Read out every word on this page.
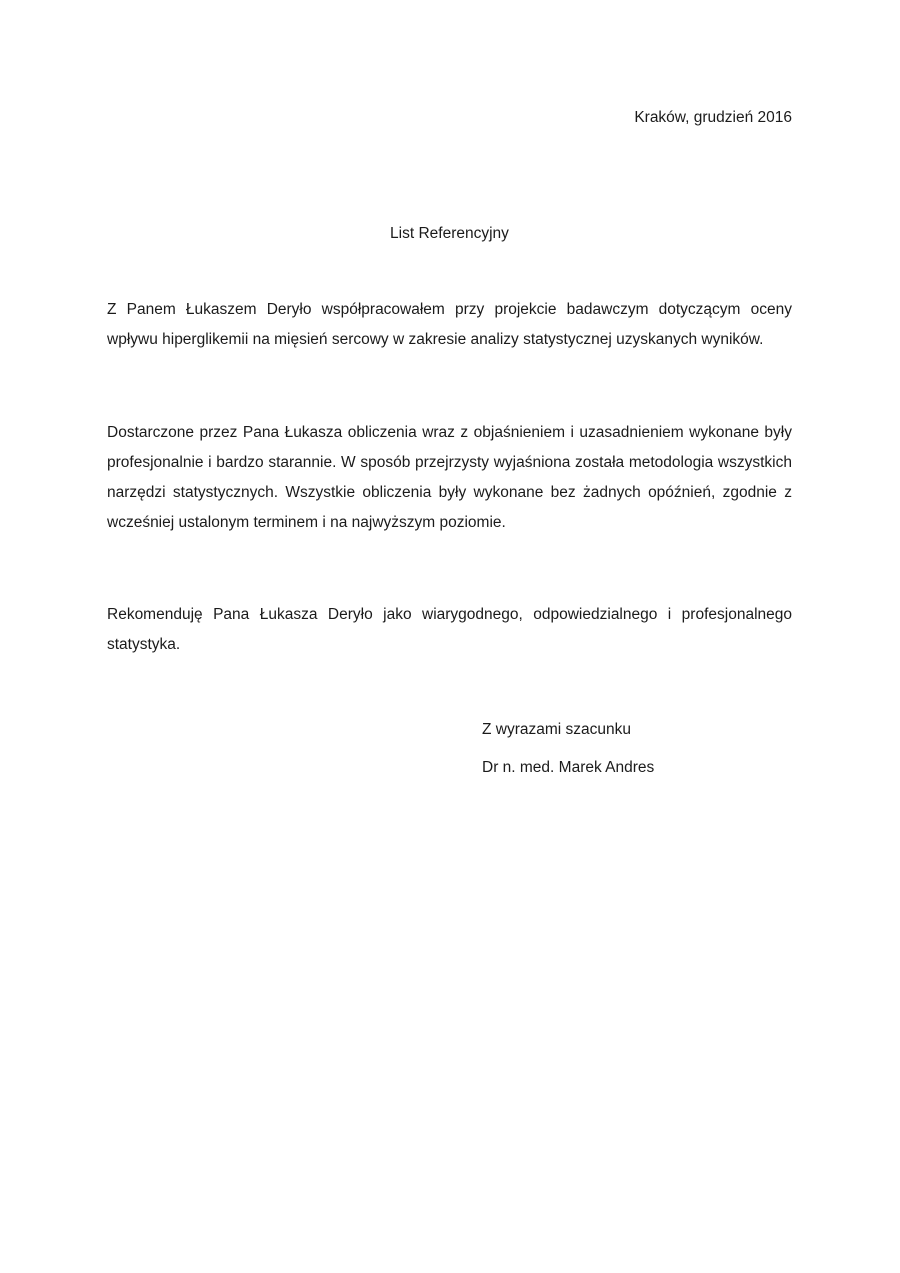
Kraków, grudzień 2016
List Referencyjny

Z Panem Łukaszem Deryło współpracowałem przy projekcie badawczym dotyczącym oceny wpływu hiperglikemii na mięsień sercowy w zakresie analizy statystycznej uzyskanych wyników.

Dostarczone przez Pana Łukasza obliczenia wraz z objaśnieniem i uzasadnieniem wykonane były profesjonalnie i bardzo starannie. W sposób przejrzysty wyjaśniona została metodologia wszystkich narzędzi statystycznych. Wszystkie obliczenia były wykonane bez żadnych opóźnień, zgodnie z wcześniej ustalonym terminem i na najwyższym poziomie.

Rekomenduję Pana Łukasza Deryło jako wiarygodnego, odpowiedzialnego i profesjonalnego statystyka.

Z wyrazami szacunku
Dr n. med. Marek Andres
